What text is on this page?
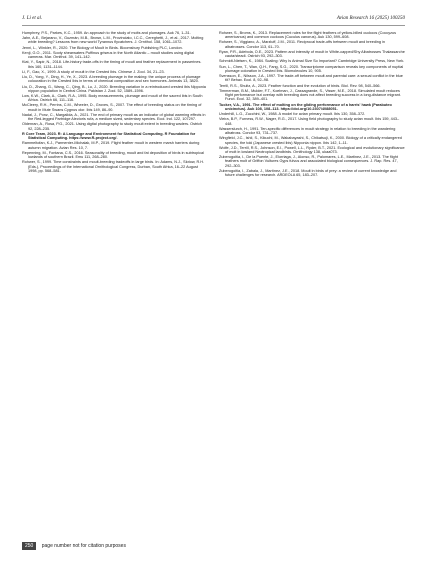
J. Li et al.	Avian Research 16 (2025) 100250

Humphrey, P.S., Parkes, K.C., 1959. An approach to the study of molts and plumages. Auk 76, 1–31.

Jahn, A.E., Bejarano, V., Guzmán, M.B., Brown, L.M., Provinciato, I.C.C., Cereghetti, J., et al., 2017. Molting while breeding? Lessons from new world Tyrannus flycatchers. J. Ornithol. 158, 1061–1072.

Jenni, L., Winkler, R., 2020. The Biology of Moult in Birds. Bloomsbury Publishing PLC, London.

Kenji, G.O., 2011. Sooty shearwaters Puffinus griseus in the North Atlantic – moult studies using digital cameras. Mar. Ornithol. 39, 141–142.

Kiat, Y., Sapir, N., 2018. Life-history trade-offs in the timing of moult and feather replacement in passerines. Ibis 160, 1131–1144.

Li, F., Gao, X., 1999. A study of moult in the Crested Ibis. Chinese J. Zool. 34, 21–23.

Liu, D., Yong, Y., Ding, H., Ye, X., 2023. A breeding plumage in the making: the unique process of plumage colouration in the Crested Ibis in terms of chemical composition and sex hormones. Animals 13, 3820.

Liu, D., Zhang, G., Wang, C., Qing, B., Lu, J., 2020. Breeding variation in a reintroduced crested ibis Nipponia nippon population in Central China. Pakistan J. Zool. 52, 1589–1596.

Low, K.W., Clark, A., Clark, R.A., 1995. Body measurements, plumage and moult of the sacred ibis in South Africa. Ostrich 66, 111–116.

McCleery, R.H., Perrins, C.M., Wheeler, D., Groves, S., 2007. The effect of breeding status on the timing of moult in Mute Swans Cygnus olor. Ibis 149, 86–90.

Nadal, J., Ponz, C., Margalida, A., 2021. The end of primary moult as an indicator of global warming effects in the Red-legged Partridge Alectoris rufa, a medium sized, sedentary species. Ecol. Ind. 122, 107297.

Oldenran, A., Rosa, P.G., 2021. Using digital photography to study moult extent in breeding waders. Ostrich 92, 228–235.

R Core Team, 2023. R: A Language and Environment for Statistical Computing. R Foundation for Statistical Computing. https://www.R-project.org/.

Rammeltofan, K.J., Parmenter-Michalak, M.P., 2019. Flight feather moult in western marsh harriers during autumn migration. Avian Res. 10, 7.

Repenning, M., Fontana, C.S., 2016. Seasonality of breeding, moult and fat deposition of birds in subtropical lowlands of southern Brazil. Emu 111, 268–280.

Rohwer, S., 1999. Time constraints and moult-breeding tradeoffs in large birds. In: Adams, N.J., Slotow, R.H. (Eds.), Proceedings of the International Ornithological Congress, Durban, South Africa, 16–22 August 1998, pp. 568–581.

Rohwer, S., Broms, K., 2013. Replacement rules for the flight feathers of yellow-billed cuckoos (Coccyzus americanus) and common cuckoos (Cuculus canorus). Auk 130, 599–608.

Rohwer, S., Viggiano, A., Marzluff, J.M., 2011. Reciprocal trade-offs between moult and breeding in albatrosses. Condor 113, 61–70.

Ryan, P.R., Adebola, O.E., 2023. Pattern and intensity of moult in White-capped/Shy Albatrosses Thalassarche cauta/steadi. Ostrich 93, 292–303.

Schmidt-Nielsen, K., 1984. Scaling: Why Is Animal Size So Important? Cambridge University Press, New York.

Sun, L., Chen, T., Wan, Q.H., Fang, S.G., 2020. Transcriptome comparison reveals key components of nuptial plumage coloration in Crested Ibis. Biomolecules 10, 905.

Svensson, E., Nilsson, J.A., 1997. The trade-off between moult and parental care: a sexual conflict in the blue tit? Behav. Ecol. 8, 92–98.

Terrill, R.S., Shultz, A., 2023. Feather function and the evolution of birds. Biol. Rev. 98, 540–566.

Timmerman, B.M., Mulder, F.T., Koelman, J., Cassagrande, S., Visser, M.E., 2018. Simulated moult reduces flight performance but overlap with breeding does not affect breeding success in a long-distance migrant. Funct. Ecol. 32, 389–401.

Tucker, V.A., 1991. The effect of molting on the gliding performance of a harris' hawk (Parabuteo unicinctus). Auk 108, 108–113. https://doi.org/10.2307/4088051.

Underhill, L.G., Zucchini, W., 1988. A model for avian primary moult. Ibis 130, 358–372.

Vieira, B.P., Furness, R.W., Nager, R.G., 2017. Using field photography to study avian moult. Ibis 159, 443–448.

Wasserslurch, H., 1991. Ten-specific differences in moult strategy in relation to breeding in the wandering albatross. Condor 93, 731–737.

Wingfield, J.C., Ishii, S., Kikuchi, M., Wakabayashi, S., Chikatsuji, K., 2000. Biology of a critically endangered species, the toki (Japanese crested ibis) Nipponia nippon. Ibis 142, 1–11.

Wolfe, J.D., Terrill, R.S., Johnson, E.I., Powell, L.L., Ryder, B.T., 2021. Ecological and evolutionary significance of molt in lowland Neotropical landbirds. Ornithology 138, ukaa073.

Zuberogoitia, I., De la Puente, J., Elorriaga, J., Alonso, R., Palomares, L.E., Martinez, J.E., 2013. The flight feathers molt of Griffon Vultures Gyps fulvus and associated biological consequences. J. Rap. Res. 47, 292–303.

Zuberogoitia, I., Zabala, J., Martínez, J.E., 2018. Moult in birds of prey: a review of current knowledge and future challenges for research. ARDEOLA 65, 183–207.

250 page number not for citation purposes
